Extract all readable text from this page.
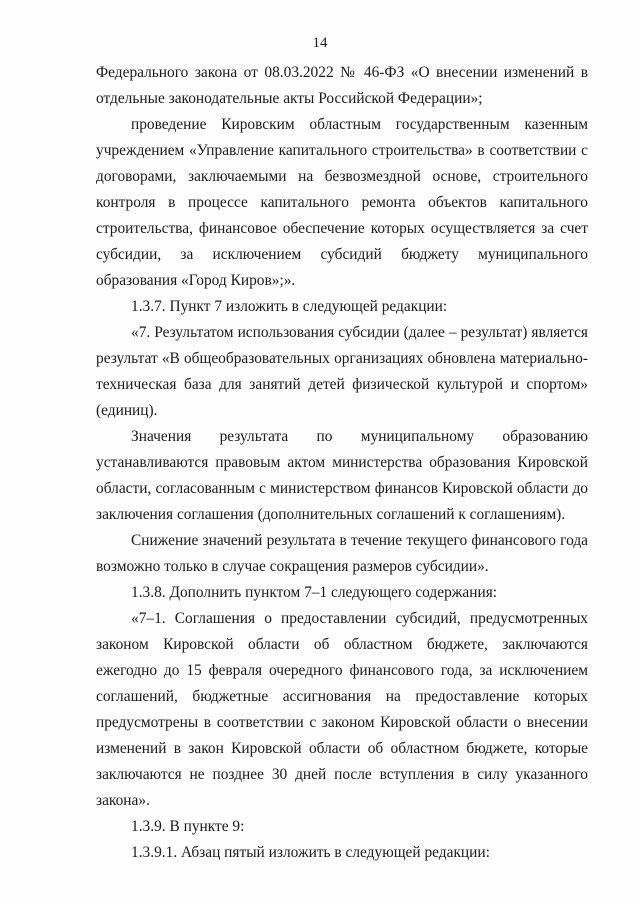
14

Федерального закона от 08.03.2022 № 46-ФЗ «О внесении изменений в отдельные законодательные акты Российской Федерации»;

проведение Кировским областным государственным казенным учреждением «Управление капитального строительства» в соответствии с договорами, заключаемыми на безвозмездной основе, строительного контроля в процессе капитального ремонта объектов капитального строительства, финансовое обеспечение которых осуществляется за счет субсидии, за исключением субсидий бюджету муниципального образования «Город Киров»;».

1.3.7. Пункт 7 изложить в следующей редакции:

«7. Результатом использования субсидии (далее – результат) является результат «В общеобразовательных организациях обновлена материально-техническая база для занятий детей физической культурой и спортом» (единиц).

Значения результата по муниципальному образованию устанавливаются правовым актом министерства образования Кировской области, согласованным с министерством финансов Кировской области до заключения соглашения (дополнительных соглашений к соглашениям).

Снижение значений результата в течение текущего финансового года возможно только в случае сокращения размеров субсидии».

1.3.8. Дополнить пунктом 7–1 следующего содержания:

«7–1. Соглашения о предоставлении субсидий, предусмотренных законом Кировской области об областном бюджете, заключаются ежегодно до 15 февраля очередного финансового года, за исключением соглашений, бюджетные ассигнования на предоставление которых предусмотрены в соответствии с законом Кировской области о внесении изменений в закон Кировской области об областном бюджете, которые заключаются не позднее 30 дней после вступления в силу указанного закона».

1.3.9. В пункте 9:

1.3.9.1. Абзац пятый изложить в следующей редакции:
